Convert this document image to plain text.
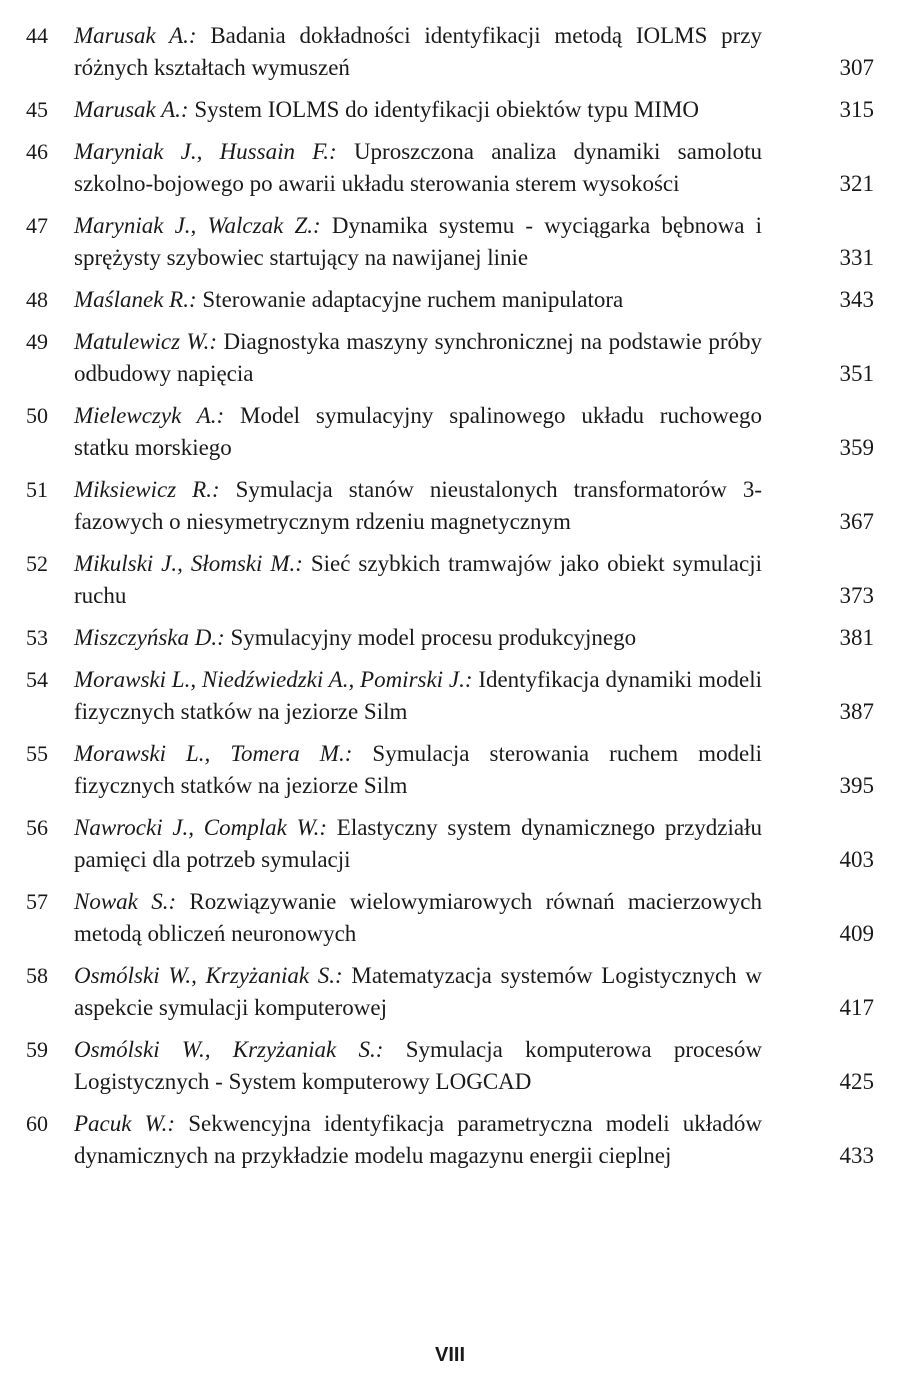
44	Marusak A.: Badania dokładności identyfikacji metodą IOLMS przy różnych kształtach wymuszeń	307
45	Marusak A.: System IOLMS do identyfikacji obiektów typu MIMO	315
46	Maryniak J., Hussain F.: Uproszczona analiza dynamiki samolotu szkolno-bojowego po awarii układu sterowania sterem wysokości	321
47	Maryniak J., Walczak Z.: Dynamika systemu - wyciągarka bębnowa i sprężysty szybowiec startujący na nawijanej linie	331
48	Maślanek R.: Sterowanie adaptacyjne ruchem manipulatora	343
49	Matulewicz W.: Diagnostyka maszyny synchronicznej na podstawie próby odbudowy napięcia	351
50	Mielewczyk A.: Model symulacyjny spalinowego układu ruchowego statku morskiego	359
51	Miksiewicz R.: Symulacja stanów nieustalonych transformatorów 3-fazowych o niesymetrycznym rdzeniu magnetycznym	367
52	Mikulski J., Słomski M.: Sieć szybkich tramwajów jako obiekt symulacji ruchu	373
53	Miszczyńska D.: Symulacyjny model procesu produkcyjnego	381
54	Morawski L., Niedźwiedzki A., Pomirski J.: Identyfikacja dynamiki modeli fizycznych statków na jeziorze Silm	387
55	Morawski L., Tomera M.: Symulacja sterowania ruchem modeli fizycznych statków na jeziorze Silm	395
56	Nawrocki J., Complak W.: Elastyczny system dynamicznego przydziału pamięci dla potrzeb symulacji	403
57	Nowak S.: Rozwiązywanie wielowymiarowych równań macierzowych metodą obliczeń neuronowych	409
58	Osmólski W., Krzyżaniak S.: Matematyzacja systemów Logistycznych w aspekcie symulacji komputerowej	417
59	Osmólski W., Krzyżaniak S.: Symulacja komputerowa procesów Logistycznych - System komputerowy LOGCAD	425
60	Pacuk W.: Sekwencyjna identyfikacja parametryczna modeli układów dynamicznych na przykładzie modelu magazynu energii cieplnej	433
VIII
